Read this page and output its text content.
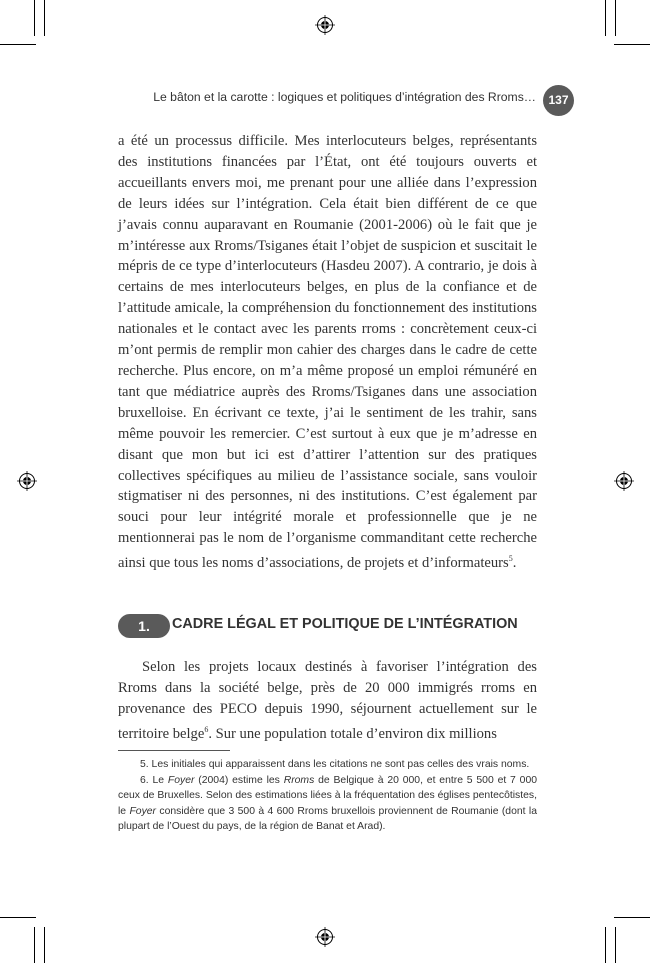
Le bâton et la carotte : logiques et politiques d’intégration des Rroms…	137

a été un processus difficile. Mes interlocuteurs belges, représentants des institutions financées par l’État, ont été toujours ouverts et accueillants envers moi, me prenant pour une alliée dans l’expression de leurs idées sur l’intégration. Cela était bien différent de ce que j’avais connu auparavant en Roumanie (2001-2006) où le fait que je m’intéresse aux Rroms/Tsiganes était l’objet de suspicion et suscitait le mépris de ce type d’interlocuteurs (Hasdeu 2007). A contrario, je dois à certains de mes interlocuteurs belges, en plus de la confiance et de l’attitude amicale, la compréhension du fonctionnement des institutions nationales et le contact avec les parents rroms : concrètement ceux-ci m’ont permis de remplir mon cahier des charges dans le cadre de cette recherche. Plus encore, on m’a même proposé un emploi rémunéré en tant que médiatrice auprès des Rroms/Tsiganes dans une association bruxelloise. En écrivant ce texte, j’ai le sentiment de les trahir, sans même pouvoir les remercier. C’est surtout à eux que je m’adresse en disant que mon but ici est d’attirer l’attention sur des pratiques collectives spécifiques au milieu de l’assistance sociale, sans vouloir stigmatiser ni des personnes, ni des institutions. C’est également par souci pour leur intégrité morale et professionnelle que je ne mentionnerai pas le nom de l’organisme commanditant cette recherche ainsi que tous les noms d’associations, de projets et d’informateurs$^5$.

1.	CADRE LÉGAL ET POLITIQUE DE L’INTÉGRATION

Selon les projets locaux destinés à favoriser l’intégration des Rroms dans la société belge, près de 20 000 immigrés rroms en provenance des PECO depuis 1990, séjournent actuellement sur le territoire belge$^6$. Sur une population totale d’environ dix millions

5. Les initiales qui apparaissent dans les citations ne sont pas celles des vrais noms.

6. Le Foyer (2004) estime les Rroms de Belgique à 20 000, et entre 5 500 et 7 000 ceux de Bruxelles. Selon des estimations liées à la fréquentation des églises pentecôtistes, le Foyer considère que 3 500 à 4 600 Rroms bruxellois proviennent de Roumanie (dont la plupart de l’Ouest du pays, de la région de Banat et Arad).
